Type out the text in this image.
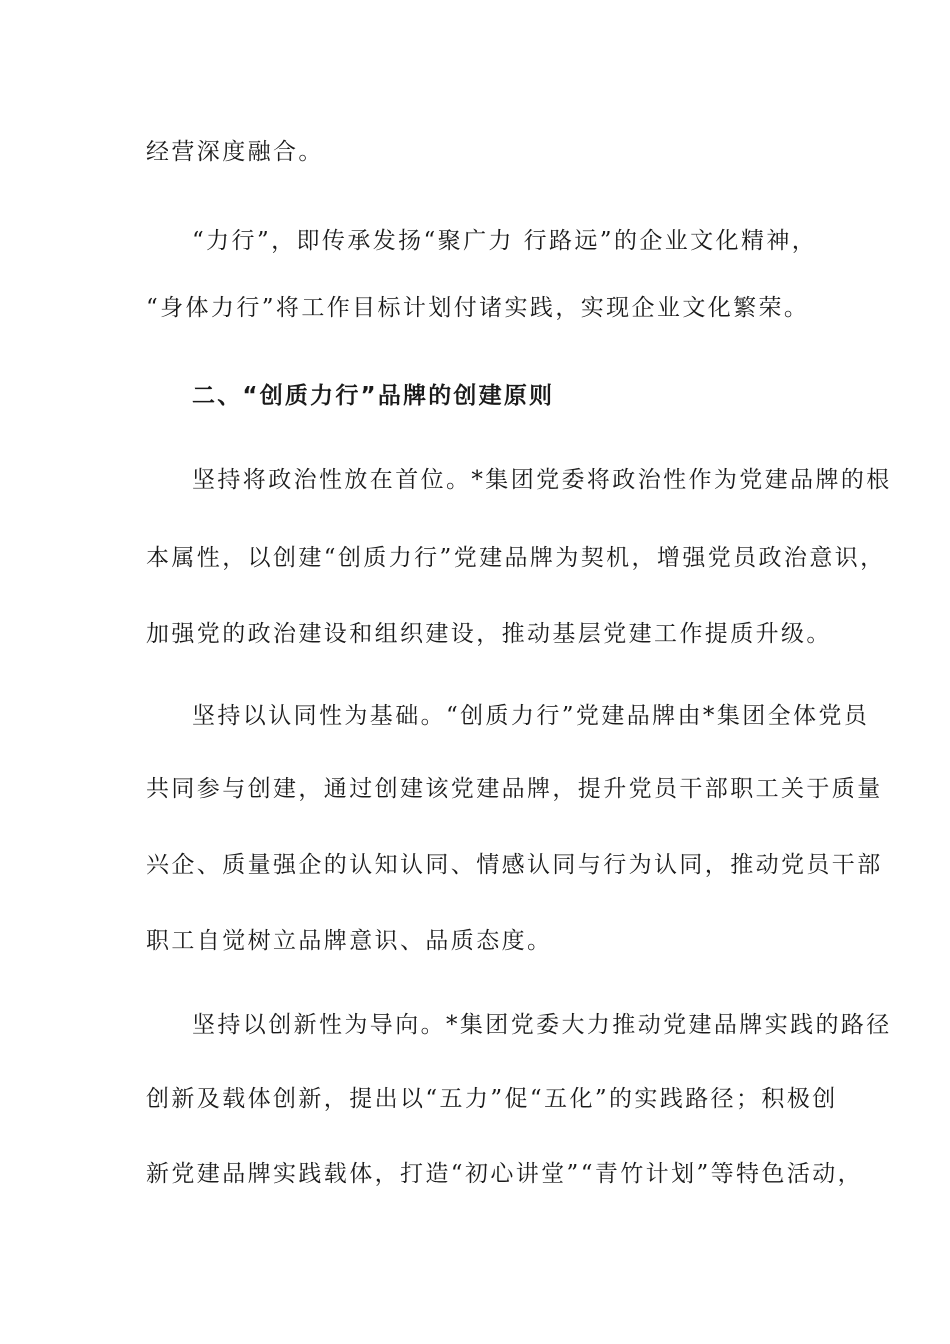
经营深度融合。
“力行”，即传承发扬“聚广力 行路远”的企业文化精神，
“身体力行”将工作目标计划付诸实践，实现企业文化繁荣。
二、“创质力行”品牌的创建原则
坚持将政治性放在首位。*集团党委将政治性作为党建品牌的根
本属性，以创建“创质力行”党建品牌为契机，增强党员政治意识，
加强党的政治建设和组织建设，推动基层党建工作提质升级。
坚持以认同性为基础。“创质力行”党建品牌由*集团全体党员
共同参与创建，通过创建该党建品牌，提升党员干部职工关于质量
兴企、质量强企的认知认同、情感认同与行为认同，推动党员干部
职工自觉树立品牌意识、品质态度。
坚持以创新性为导向。*集团党委大力推动党建品牌实践的路径
创新及载体创新，提出以“五力”促“五化”的实践路径；积极创
新党建品牌实践载体，打造“初心讲堂”“青竹计划”等特色活动，
